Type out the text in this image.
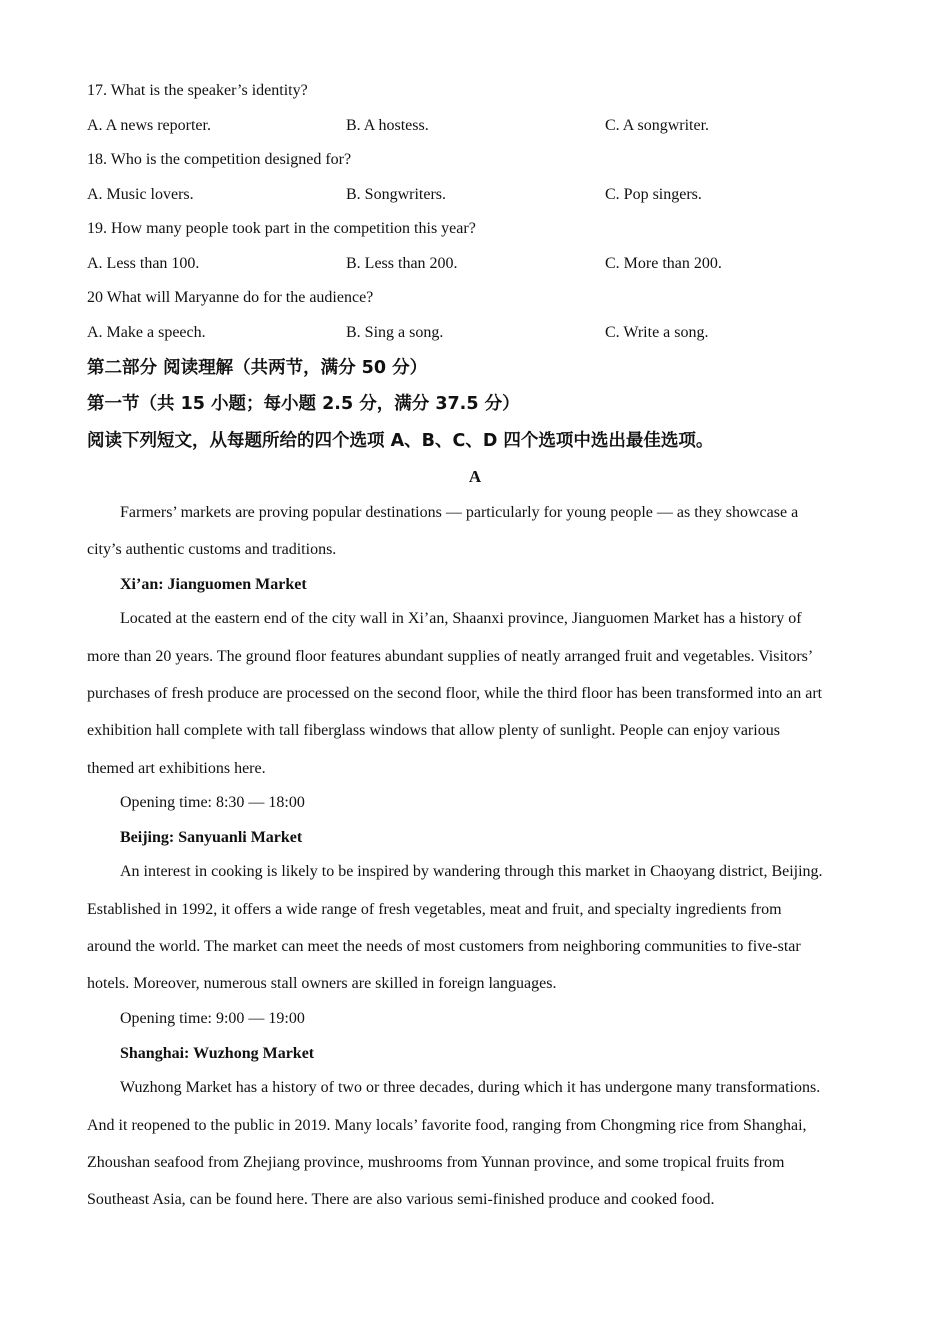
17. What is the speaker’s identity?
A. A news reporter.	B. A hostess.	C. A songwriter.
18. Who is the competition designed for?
A. Music lovers.	B. Songwriters.	C. Pop singers.
19. How many people took part in the competition this year?
A. Less than 100.	B. Less than 200.	C. More than 200.
20 What will Maryanne do for the audience?
A. Make a speech.	B. Sing a song.	C. Write a song.
第二部分 阅读理解（共两节，满分 50 分）
第一节（共 15 小题；每小题 2.5 分，满分 37.5 分）
阅读下列短文，从每题所给的四个选项 A、B、C、D 四个选项中选出最佳选项。
A
Farmers’ markets are proving popular destinations — particularly for young people — as they showcase a
city’s authentic customs and traditions.
Xi’an: Jianguomen Market
Located at the eastern end of the city wall in Xi’an, Shaanxi province, Jianguomen Market has a history of
more than 20 years. The ground floor features abundant supplies of neatly arranged fruit and vegetables. Visitors’
purchases of fresh produce are processed on the second floor, while the third floor has been transformed into an art
exhibition hall complete with tall fiberglass windows that allow plenty of sunlight. People can enjoy various
themed art exhibitions here.
Opening time: 8:30 — 18:00
Beijing: Sanyuanli Market
An interest in cooking is likely to be inspired by wandering through this market in Chaoyang district, Beijing.
Established in 1992, it offers a wide range of fresh vegetables, meat and fruit, and specialty ingredients from
around the world. The market can meet the needs of most customers from neighboring communities to five-star
hotels. Moreover, numerous stall owners are skilled in foreign languages.
Opening time: 9:00 — 19:00
Shanghai: Wuzhong Market
Wuzhong Market has a history of two or three decades, during which it has undergone many transformations.
And it reopened to the public in 2019. Many locals’ favorite food, ranging from Chongming rice from Shanghai,
Zhoushan seafood from Zhejiang province, mushrooms from Yunnan province, and some tropical fruits from
Southeast Asia, can be found here. There are also various semi-finished produce and cooked food.
